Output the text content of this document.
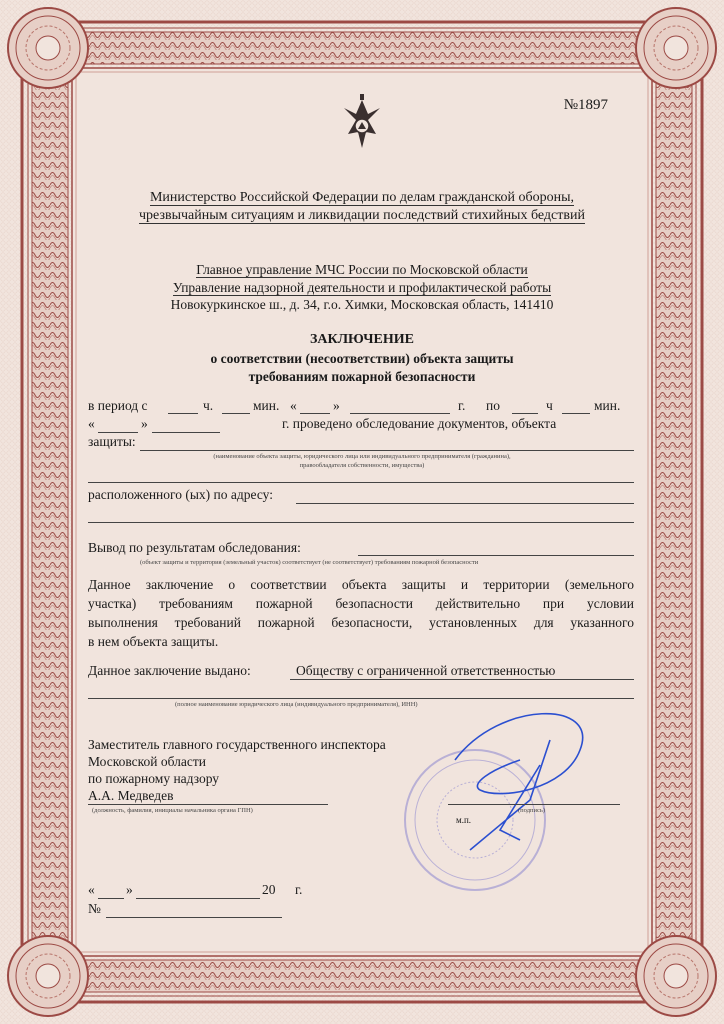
№1897
Министерство Российской Федерации по делам гражданской обороны,
чрезвычайным ситуациям и ликвидации последствий стихийных бедствий
Главное управление МЧС России по Московской области
Управление надзорной деятельности и профилактической работы
Новокуркинское ш., д. 34, г.о. Химки, Московская область, 141410
ЗАКЛЮЧЕНИЕ
о соответствии (несоответствии) объекта защиты
требованиям пожарной безопасности
в период с	ч.	мин. «	»	г. по	ч	мин.
«	»	г. проведено обследование документов, объекта
защиты:
(наименование объекта защиты, юридического лица или индивидуального предпринимателя (гражданина),
правообладателя собственности, имущества)
расположенного (ых) по адресу:
Вывод по результатам обследования:
(объект защиты и территория (земельный участок) соответствует (не соответствует) требованиям пожарной безопасности
Данное заключение о соответствии объекта защиты и территории (земельного
участка) требованиям пожарной безопасности действительно при условии
выполнения требований пожарной безопасности, установленных для указанного
в нем объекта защиты.
Данное заключение выдано:	Обществу с ограниченной ответственностью
(полное наименование юридического лица (индивидуального предпринимателя), ИНН)
Заместитель главного государственного инспектора
Московской области
по пожарному надзору
А.А. Медведев
(должность, фамилия, инициалы начальника органа ГПН)	(подпись)
м.п.
« »	20 г.
№
